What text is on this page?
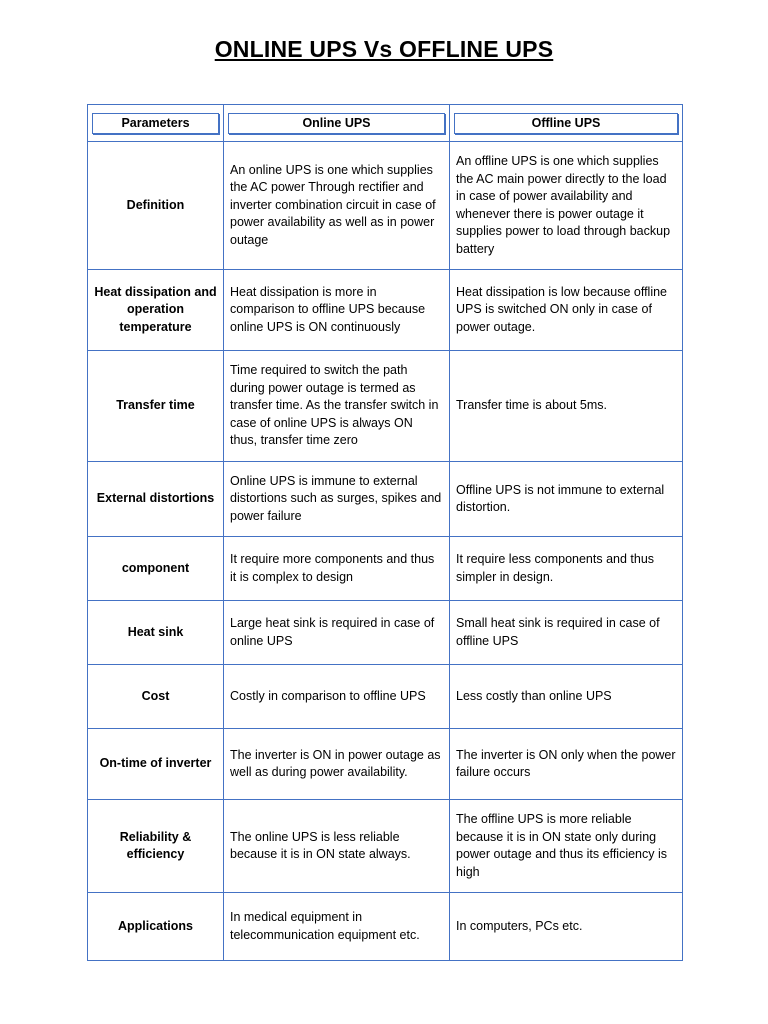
ONLINE UPS Vs OFFLINE UPS
Parameters	Online UPS	Offline UPS

Definition	An online UPS is one which supplies the AC power Through rectifier and inverter combination circuit in case of power availability as well as in power outage	An offline UPS is one which supplies the AC main power directly to the load in case of power availability and whenever there is power outage it supplies power to load through backup battery
Heat dissipation and operation temperature	Heat dissipation is more in comparison to offline UPS because online UPS is ON continuously	Heat dissipation is low because offline UPS is switched ON only in case of power outage.
Transfer time	Time required to switch the path during power outage is termed as transfer time. As the transfer switch in case of online UPS is always ON thus, transfer time zero	Transfer time is about 5ms.
External distortions	Online UPS is immune to external distortions such as surges, spikes and power failure	Offline UPS is not immune to external distortion.
component	It require more components and thus it is complex to design	It require less components and thus simpler in design.
Heat sink	Large heat sink is required in case of online UPS	Small heat sink is required in case of offline UPS
Cost	Costly in comparison to offline UPS	Less costly than online UPS
On-time of inverter	The inverter is ON in power outage as well as during power availability.	The inverter is ON only when the power failure occurs
Reliability & efficiency	The online UPS is less reliable because it is in ON state always.	The offline UPS is more reliable because it is in ON state only during power outage and thus its efficiency is high
Applications	In medical equipment in telecommunication equipment etc.	In computers, PCs etc.
